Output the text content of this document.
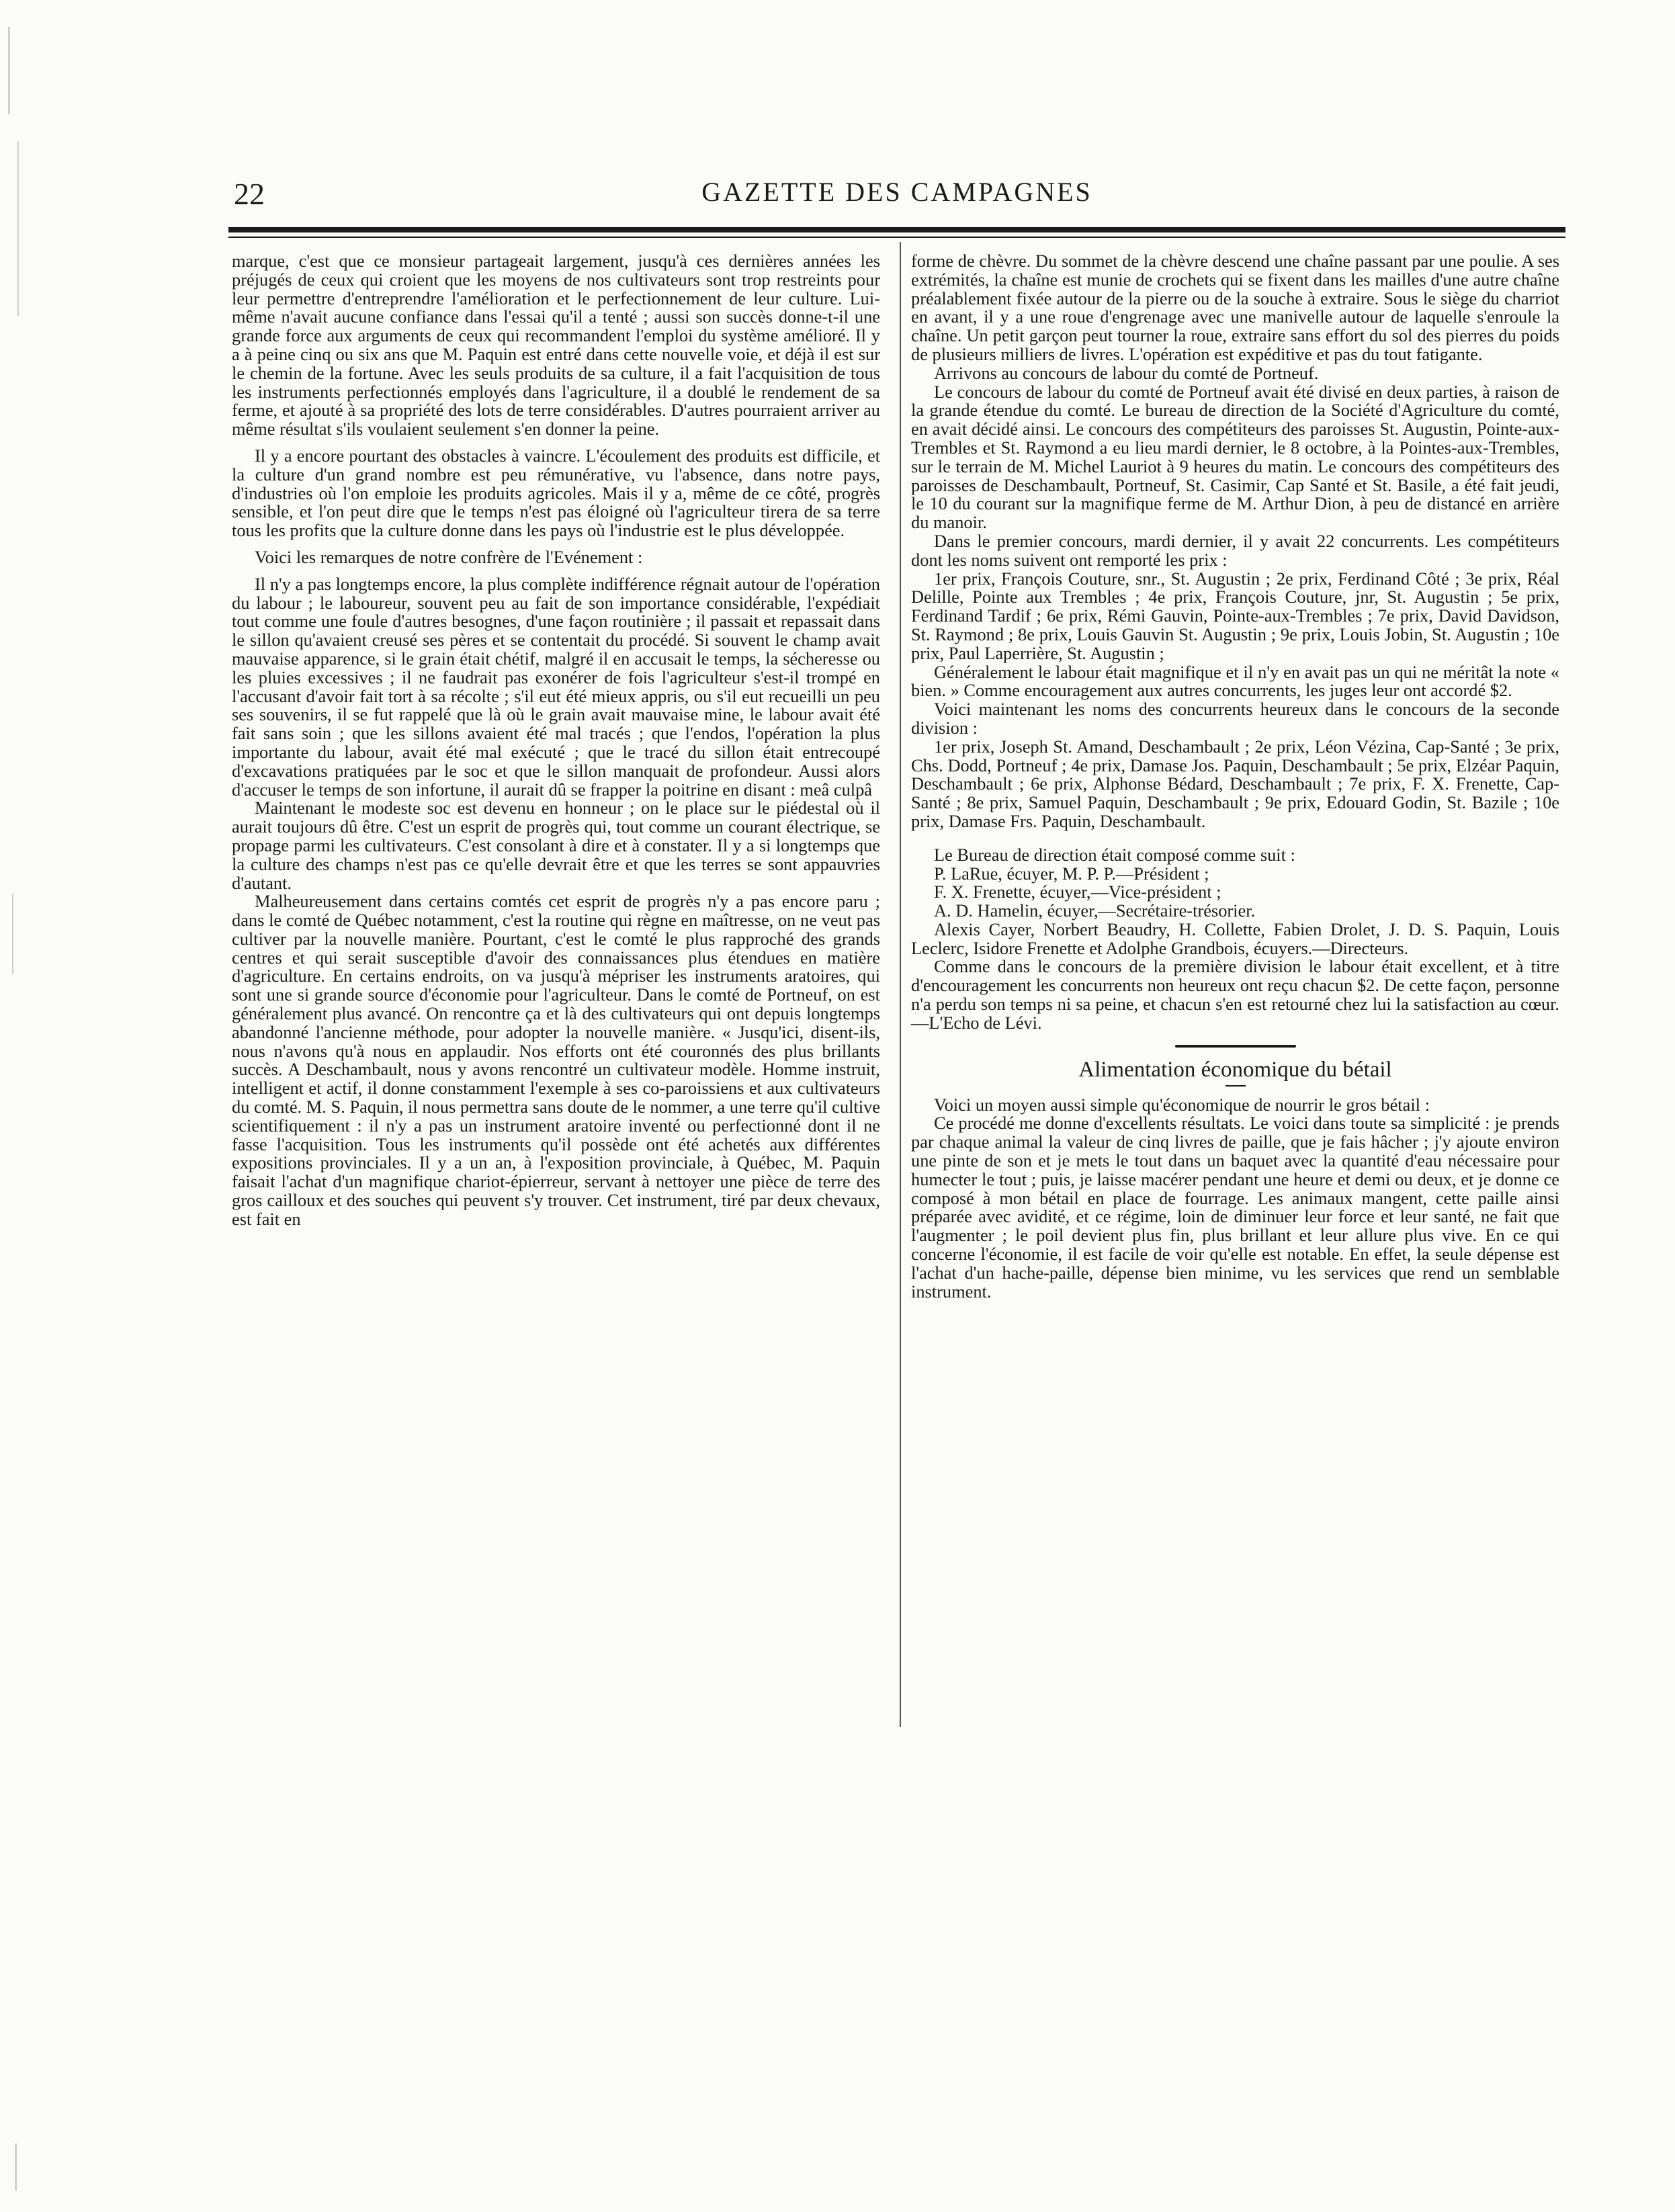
22	GAZETTE DES CAMPAGNES

marque, c'est que ce monsieur partageait largement, jusqu'à ces dernières années les préjugés de ceux qui croient que les moyens de nos cultivateurs sont trop restreints pour leur permettre d'entreprendre l'amélioration et le perfectionnement de leur culture. Lui-même n'avait aucune confiance dans l'essai qu'il a tenté ; aussi son succès donne-t-il une grande force aux arguments de ceux qui recommandent l'emploi du système amélioré. Il y a à peine cinq ou six ans que M. Paquin est entré dans cette nouvelle voie, et déjà il est sur le chemin de la fortune. Avec les seuls produits de sa culture, il a fait l'acquisition de tous les instruments perfectionnés employés dans l'agriculture, il a doublé le rendement de sa ferme, et ajouté à sa propriété des lots de terre considérables. D'autres pourraient arriver au même résultat s'ils voulaient seulement s'en donner la peine.

Il y a encore pourtant des obstacles à vaincre. L'écoulement des produits est difficile, et la culture d'un grand nombre est peu rémunérative, vu l'absence, dans notre pays, d'industries où l'on emploie les produits agricoles. Mais il y a, même de ce côté, progrès sensible, et l'on peut dire que le temps n'est pas éloigné où l'agriculteur tirera de sa terre tous les profits que la culture donne dans les pays où l'industrie est le plus développée.

Voici les remarques de notre confrère de l'Evénement :

Il n'y a pas longtemps encore, la plus complète indifférence régnait autour de l'opération du labour ; le laboureur, souvent peu au fait de son importance considérable, l'expédiait tout comme une foule d'autres besognes, d'une façon routinière ; il passait et repassait dans le sillon qu'avaient creusé ses pères et se contentait du procédé. Si souvent le champ avait mauvaise apparence, si le grain était chétif, malgré il en accusait le temps, la sécheresse ou les pluies excessives ; il ne faudrait pas exonérer de fois l'agriculteur s'est-il trompé en l'accusant d'avoir fait tort à sa récolte ; s'il eut été mieux appris, ou s'il eut recueilli un peu ses souvenirs, il se fut rappelé que là où le grain avait mauvaise mine, le labour avait été fait sans soin ; que les sillons avaient été mal tracés ; que l'endos, l'opération la plus importante du labour, avait été mal exécuté ; que le tracé du sillon était entrecoupé d'excavations pratiquées par le soc et que le sillon manquait de profondeur. Aussi alors d'accuser le temps de son infortune, il aurait dû se frapper la poitrine en disant : meâ culpâ

Maintenant le modeste soc est devenu en honneur ; on le place sur le piédestal où il aurait toujours dû être. C'est un esprit de progrès qui, tout comme un courant électrique, se propage parmi les cultivateurs. C'est consolant à dire et à constater. Il y a si longtemps que la culture des champs n'est pas ce qu'elle devrait être et que les terres se sont appauvries d'autant.

Malheureusement dans certains comtés cet esprit de progrès n'y a pas encore paru ; dans le comté de Québec notamment, c'est la routine qui règne en maîtresse, on ne veut pas cultiver par la nouvelle manière. Pourtant, c'est le comté le plus rapproché des grands centres et qui serait susceptible d'avoir des connaissances plus étendues en matière d'agriculture. En certains endroits, on va jusqu'à mépriser les instruments aratoires, qui sont une si grande source d'économie pour l'agriculteur. Dans le comté de Portneuf, on est généralement plus avancé. On rencontre ça et là des cultivateurs qui ont depuis longtemps abandonné l'ancienne méthode, pour adopter la nouvelle manière. « Jusqu'ici, disent-ils, nous n'avons qu'à nous en applaudir. Nos efforts ont été couronnés des plus brillants succès. A Deschambault, nous y avons rencontré un cultivateur modèle. Homme instruit, intelligent et actif, il donne constamment l'exemple à ses co-paroissiens et aux cultivateurs du comté. M. S. Paquin, il nous permettra sans doute de le nommer, a une terre qu'il cultive scientifiquement : il n'y a pas un instrument aratoire inventé ou perfectionné dont il ne fasse l'acquisition. Tous les instruments qu'il possède ont été achetés aux différentes expositions provinciales. Il y a un an, à l'exposition provinciale, à Québec, M. Paquin faisait l'achat d'un magnifique chariot-épierreur, servant à nettoyer une pièce de terre des gros cailloux et des souches qui peuvent s'y trouver. Cet instrument, tiré par deux chevaux, est fait en

forme de chèvre. Du sommet de la chèvre descend une chaîne passant par une poulie. A ses extrémités, la chaîne est munie de crochets qui se fixent dans les mailles d'une autre chaîne préalablement fixée autour de la pierre ou de la souche à extraire. Sous le siège du charriot en avant, il y a une roue d'engrenage avec une manivelle autour de laquelle s'enroule la chaîne. Un petit garçon peut tourner la roue, extraire sans effort du sol des pierres du poids de plusieurs milliers de livres. L'opération est expéditive et pas du tout fatigante.

Arrivons au concours de labour du comté de Portneuf.

Le concours de labour du comté de Portneuf avait été divisé en deux parties, à raison de la grande étendue du comté. Le bureau de direction de la Société d'Agriculture du comté, en avait décidé ainsi. Le concours des compétiteurs des paroisses St. Augustin, Pointe-aux-Trembles et St. Raymond a eu lieu mardi dernier, le 8 octobre, à la Pointes-aux-Trembles, sur le terrain de M. Michel Lauriot à 9 heures du matin. Le concours des compétiteurs des paroisses de Deschambault, Portneuf, St. Casimir, Cap Santé et St. Basile, a été fait jeudi, le 10 du courant sur la magnifique ferme de M. Arthur Dion, à peu de distancé en arrière du manoir.

Dans le premier concours, mardi dernier, il y avait 22 concurrents. Les compétiteurs dont les noms suivent ont remporté les prix :

1er prix, François Couture, snr., St. Augustin ; 2e prix, Ferdinand Côté ; 3e prix, Réal Delille, Pointe aux Trembles ; 4e prix, François Couture, jnr, St. Augustin ; 5e prix, Ferdinand Tardif ; 6e prix, Rémi Gauvin, Pointe-aux-Trembles ; 7e prix, David Davidson, St. Raymond ; 8e prix, Louis Gauvin St. Augustin ; 9e prix, Louis Jobin, St. Augustin ; 10e prix, Paul Laperrière, St. Augustin ;

Généralement le labour était magnifique et il n'y en avait pas un qui ne méritât la note « bien. » Comme encouragement aux autres concurrents, les juges leur ont accordé $2.

Voici maintenant les noms des concurrents heureux dans le concours de la seconde division :

1er prix, Joseph St. Amand, Deschambault ; 2e prix, Léon Vézina, Cap-Santé ; 3e prix, Chs. Dodd, Portneuf ; 4e prix, Damase Jos. Paquin, Deschambault ; 5e prix, Elzéar Paquin, Deschambault ; 6e prix, Alphonse Bédard, Deschambault ; 7e prix, F. X. Frenette, Cap-Santé ; 8e prix, Samuel Paquin, Deschambault ; 9e prix, Edouard Godin, St. Bazile ; 10e prix, Damase Frs. Paquin, Deschambault.

Le Bureau de direction était composé comme suit :

P. LaRue, écuyer, M. P. P.—Président ;

F. X. Frenette, écuyer,—Vice-président ;

A. D. Hamelin, écuyer,—Secrétaire-trésorier.

Alexis Cayer, Norbert Beaudry, H. Collette, Fabien Drolet, J. D. S. Paquin, Louis Leclerc, Isidore Frenette et Adolphe Grandbois, écuyers.—Directeurs.

Comme dans le concours de la première division le labour était excellent, et à titre d'encouragement les concurrents non heureux ont reçu chacun $2. De cette façon, personne n'a perdu son temps ni sa peine, et chacun s'en est retourné chez lui la satisfaction au cœur.—L'Echo de Lévi.

Alimentation économique du bétail

Voici un moyen aussi simple qu'économique de nourrir le gros bétail :

Ce procédé me donne d'excellents résultats. Le voici dans toute sa simplicité : je prends par chaque animal la valeur de cinq livres de paille, que je fais hâcher ; j'y ajoute environ une pinte de son et je mets le tout dans un baquet avec la quantité d'eau nécessaire pour humecter le tout ; puis, je laisse macérer pendant une heure et demi ou deux, et je donne ce composé à mon bétail en place de fourrage. Les animaux mangent, cette paille ainsi préparée avec avidité, et ce régime, loin de diminuer leur force et leur santé, ne fait que l'augmenter ; le poil devient plus fin, plus brillant et leur allure plus vive. En ce qui concerne l'économie, il est facile de voir qu'elle est notable. En effet, la seule dépense est l'achat d'un hache-paille, dépense bien minime, vu les services que rend un semblable instrument.
